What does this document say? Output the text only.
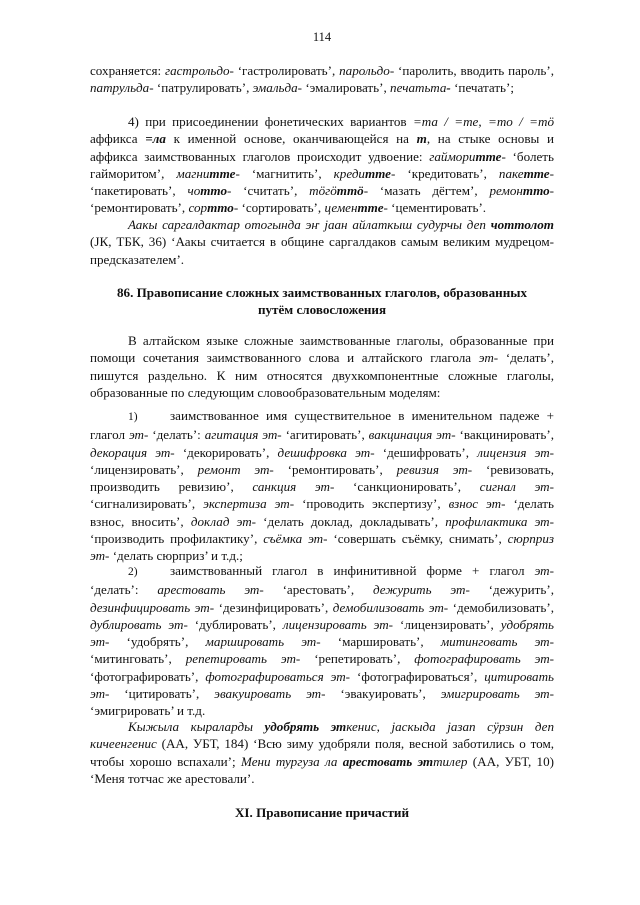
114

сохраняется: гастрольдо- ‘гастролировать’, парольдо- ‘паролить, вводить пароль’, патрульда- ‘патрулировать’, эмальда- ‘эмалировать’, печатьта- ‘печатать’;

4) при присоединении фонетических вариантов =та / =те, =то / =тӧ аффикса =ла к именной основе, оканчивающейся на т, на стыке основы и аффикса заимствованных глаголов происходит удвоение: гайморитте- ‘болеть гайморитом’, магнитте- ‘магнитить’, кредитте- ‘кредитовать’, пакетте- ‘пакетировать’, чотто- ‘считать’, тӧгӧттӧ- ‘мазать дёгтем’, ремонтто- ‘ремонтировать’, сортто- ‘сортировать’, цементте- ‘цементировать’.

Аакы саргалдактар отогында эҥ јаан айлаткыш судурчы деп чоттолот (ЈК, ТБК, 36) ‘Аакы считается в общине саргалдаков самым великим мудрецом-предсказателем’.

86. Правописание сложных заимствованных глаголов, образованных
путём словосложения

В алтайском языке сложные заимствованные глаголы, образованные при помощи сочетания заимствованного слова и алтайского глагола эт- ‘делать’, пишутся раздельно. К ним относятся двухкомпонентные сложные глаголы, образованные по следующим словообразовательным моделям:

1) заимствованное имя существительное в именительном падеже + глагол эт- ‘делать’: агитация эт- ‘агитировать’, вакцинация эт- ‘вакцинировать’, декорация эт- ‘декорировать’, дешифровка эт- ‘дешифровать’, лицензия эт- ‘лицензировать’, ремонт эт- ‘ремонтировать’, ревизия эт- ‘ревизовать, производить ревизию’, санкция эт- ‘санкционировать’, сигнал эт- ‘сигнализировать’, экспертиза эт- ‘проводить экспертизу’, взнос эт- ‘делать взнос, вносить’, доклад эт- ‘делать доклад, докладывать’, профилактика эт- ‘производить профилактику’, съёмка эт- ‘совершать съёмку, снимать’, сюрприз эт- ‘делать сюрприз’ и т.д.;

2) заимствованный глагол в инфинитивной форме + глагол эт- ‘делать’: арестовать эт- ‘арестовать’, дежурить эт- ‘дежурить’, дезинфицировать эт- ‘дезинфицировать’, демобилизовать эт- ‘демобилизовать’, дублировать эт- ‘дублировать’, лицензировать эт- ‘лицензировать’, удобрять эт- ‘удобрять’, маршировать эт- ‘маршировать’, митинговать эт- ‘митинговать’, репетировать эт- ‘репетировать’, фотографировать эт- ‘фотографировать’, фотографироваться эт- ‘фотографироваться’, цитировать эт- ‘цитировать’, эвакуировать эт- ‘эвакуировать’, эмигрировать эт- ‘эмигрировать’ и т.д.

Кыжыла кыраларды удобрять эткенис, јаскыда јазап сӱрзин деп кичеенгенис (АА, УБТ, 184) ‘Всю зиму удобряли поля, весной заботились о том, чтобы хорошо вспахали’; Мени тургуза ла арестовать эттилер (АА, УБТ, 10) ‘Меня тотчас же арестовали’.

XI. Правописание причастий
